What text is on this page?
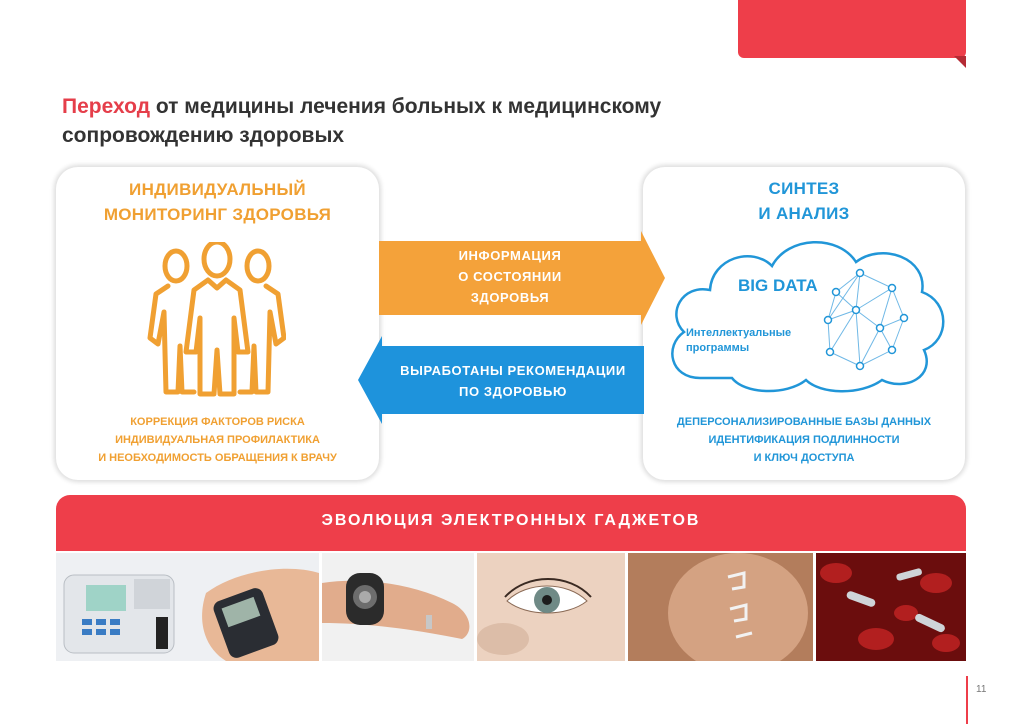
Переход от медицины лечения больных к медицинскому сопровождению здоровых
ИНДИВИДУАЛЬНЫЙ
МОНИТОРИНГ ЗДОРОВЬЯ
КОРРЕКЦИЯ ФАКТОРОВ РИСКА
ИНДИВИДУАЛЬНАЯ ПРОФИЛАКТИКА
И НЕОБХОДИМОСТЬ ОБРАЩЕНИЯ К ВРАЧУ
СИНТЕЗ
И АНАЛИЗ
ДЕПЕРСОНАЛИЗИРОВАННЫЕ БАЗЫ ДАННЫХ
ИДЕНТИФИКАЦИЯ ПОДЛИННОСТИ
И КЛЮЧ ДОСТУПА
BIG DATA
Интеллектуальные программы
ИНФОРМАЦИЯ
О СОСТОЯНИИ
ЗДОРОВЬЯ
ВЫРАБОТАНЫ РЕКОМЕНДАЦИИ
ПО ЗДОРОВЬЮ
ЭВОЛЮЦИЯ ЭЛЕКТРОННЫХ ГАДЖЕТОВ
11
